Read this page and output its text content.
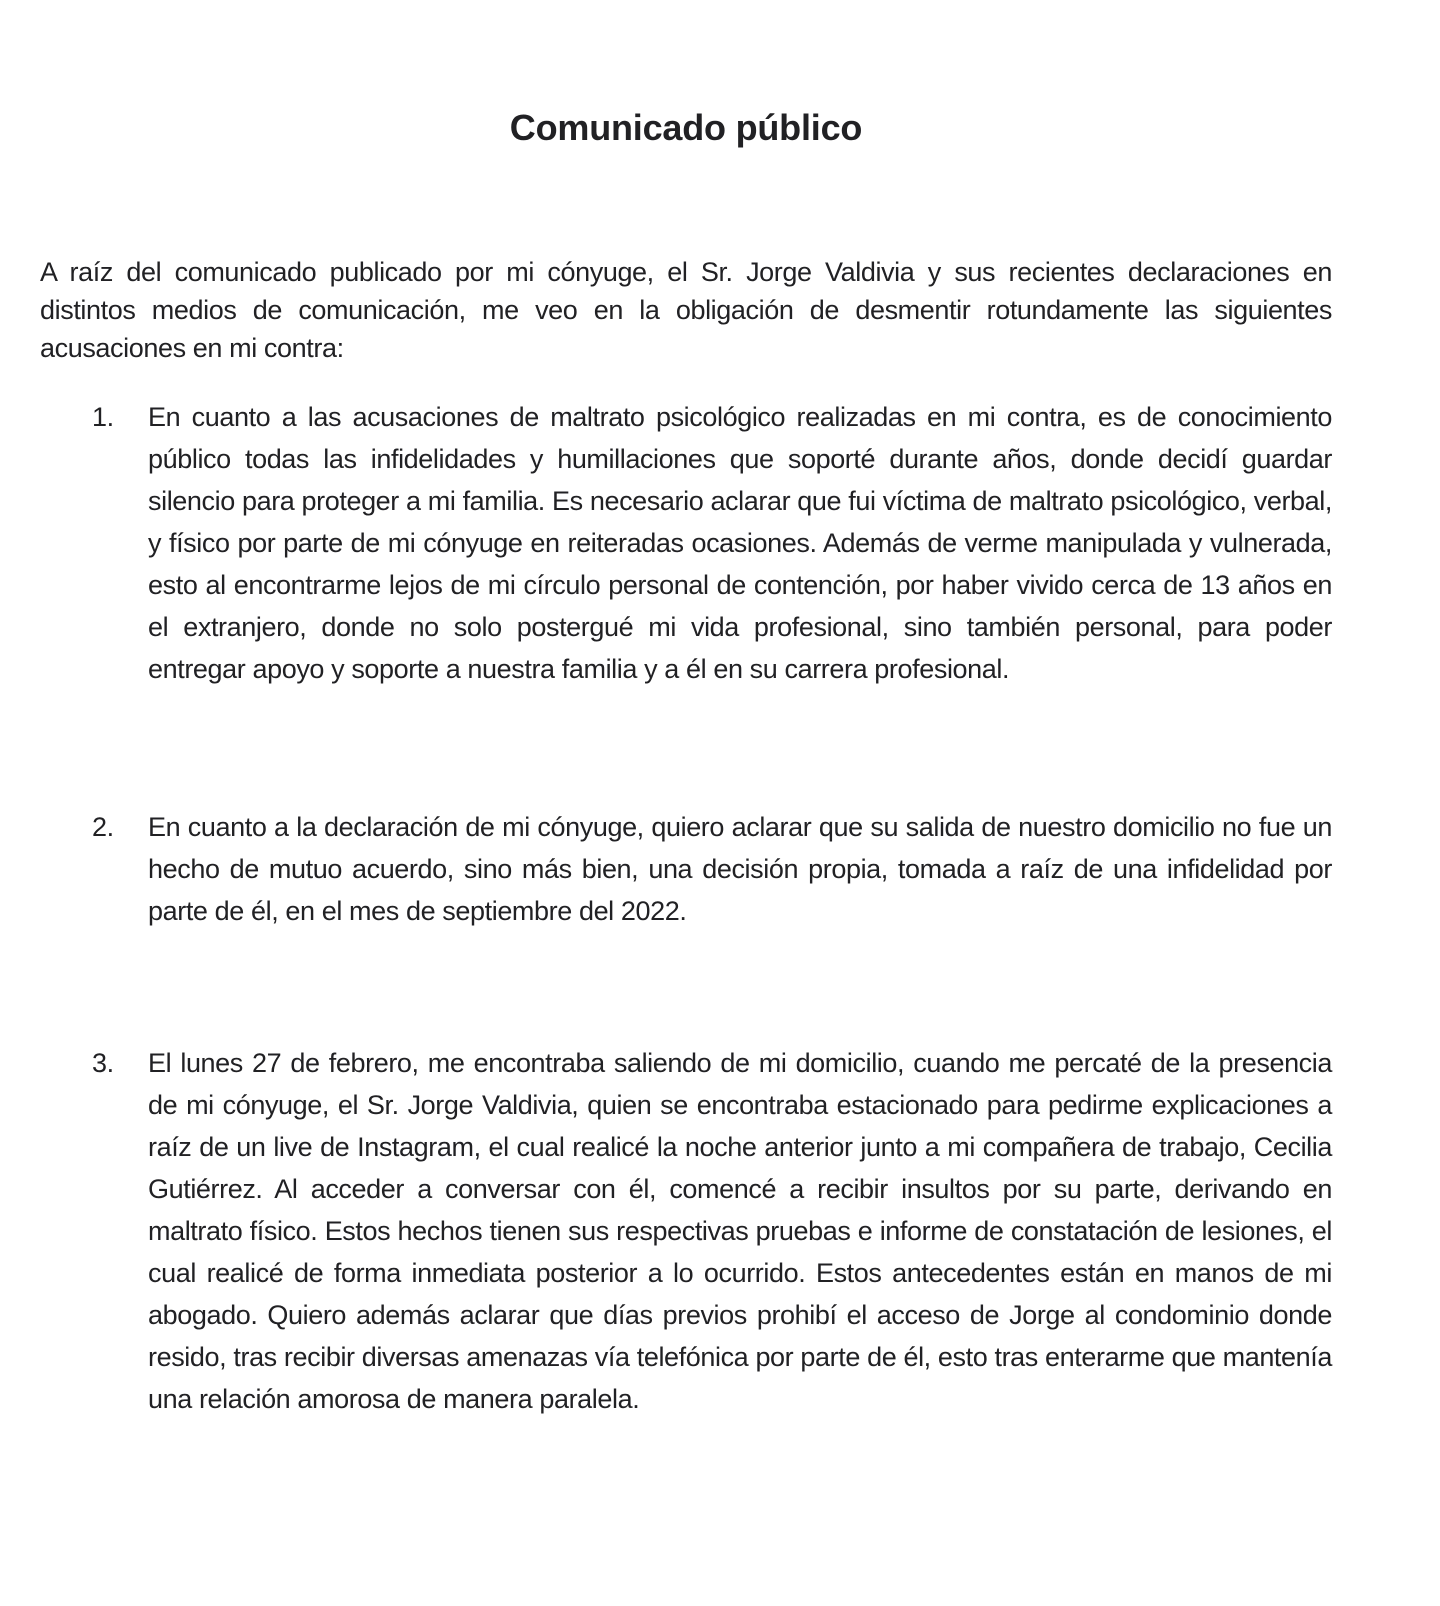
Comunicado público
A raíz del comunicado publicado por mi cónyuge, el Sr. Jorge Valdivia y sus recientes declaraciones en distintos medios de comunicación, me veo en la obligación de desmentir rotundamente las siguientes acusaciones en mi contra:
1.	En cuanto a las acusaciones de maltrato psicológico realizadas en mi contra, es de conocimiento público todas las infidelidades y humillaciones que soporté durante años, donde decidí guardar silencio para proteger a mi familia. Es necesario aclarar que fui víctima de maltrato psicológico, verbal, y físico por parte de mi cónyuge en reiteradas ocasiones. Además de verme manipulada y vulnerada, esto al encontrarme lejos de mi círculo personal de contención, por haber vivido cerca de 13 años en el extranjero, donde no solo postergué mi vida profesional, sino también personal, para poder entregar apoyo y soporte a nuestra familia y a él en su carrera profesional.

2.	En cuanto a la declaración de mi cónyuge, quiero aclarar que su salida de nuestro domicilio no fue un hecho de mutuo acuerdo, sino más bien, una decisión propia, tomada a raíz de una infidelidad por parte de él, en el mes de septiembre del 2022.

3.	El lunes 27 de febrero, me encontraba saliendo de mi domicilio, cuando me percaté de la presencia de mi cónyuge, el Sr. Jorge Valdivia, quien se encontraba estacionado para pedirme explicaciones a raíz de un live de Instagram, el cual realicé la noche anterior junto a mi compañera de trabajo, Cecilia Gutiérrez. Al acceder a conversar con él, comencé a recibir insultos por su parte, derivando en maltrato físico. Estos hechos tienen sus respectivas pruebas e informe de constatación de lesiones, el cual realicé de forma inmediata posterior a lo ocurrido. Estos antecedentes están en manos de mi abogado. Quiero además aclarar que días previos prohibí el acceso de Jorge al condominio donde resido, tras recibir diversas amenazas vía telefónica por parte de él, esto tras enterarme que mantenía una relación amorosa de manera paralela.
